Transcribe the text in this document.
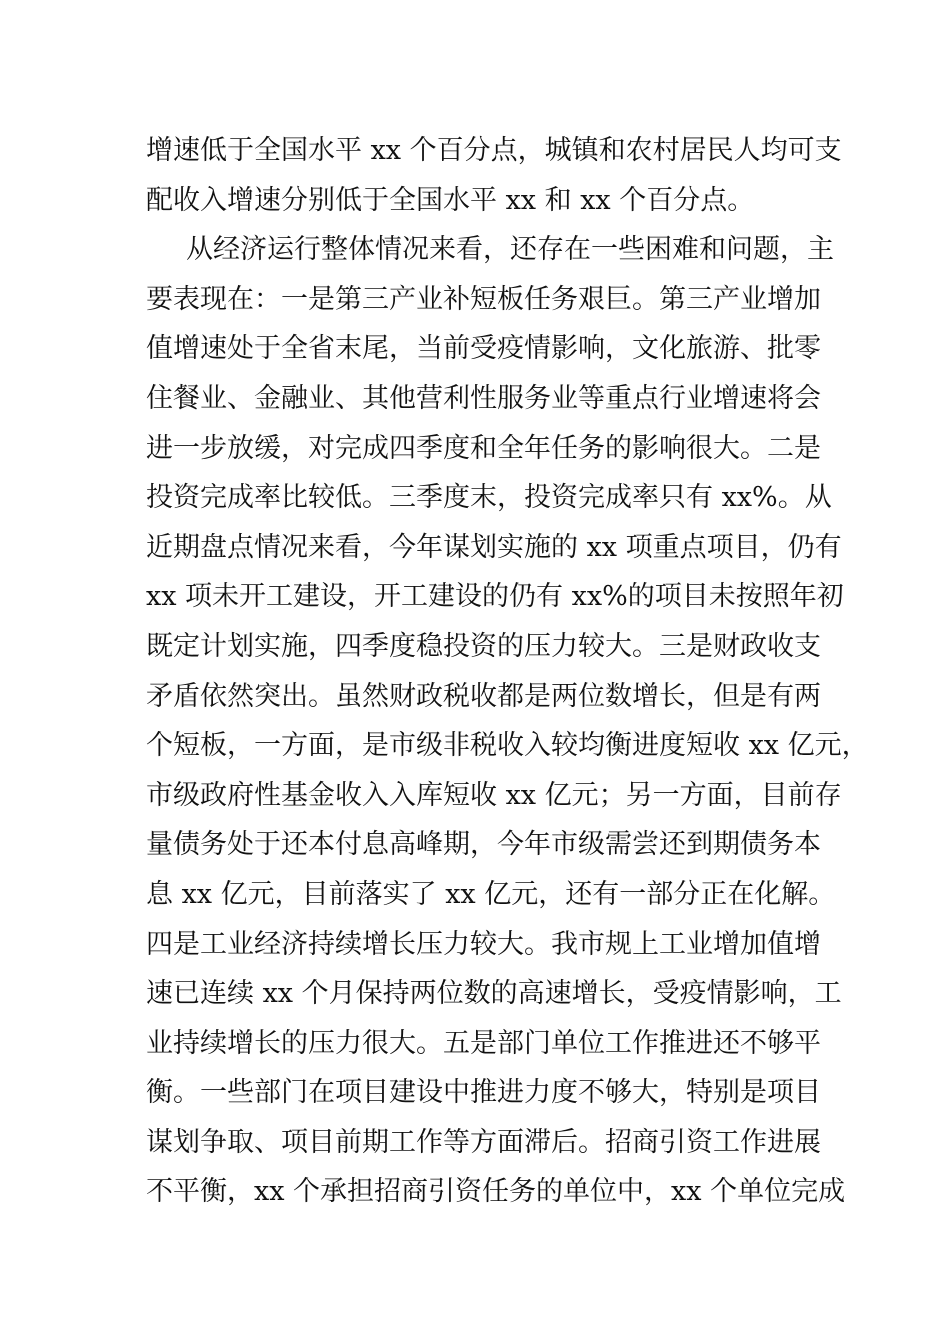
增速低于全国水平 xx 个百分点，城镇和农村居民人均可支
配收入增速分别低于全国水平 xx 和 xx 个百分点。
从经济运行整体情况来看，还存在一些困难和问题，主
要表现在：一是第三产业补短板任务艰巨。第三产业增加
值增速处于全省末尾，当前受疫情影响，文化旅游、批零
住餐业、金融业、其他营利性服务业等重点行业增速将会
进一步放缓，对完成四季度和全年任务的影响很大。二是
投资完成率比较低。三季度末，投资完成率只有 xx%。从
近期盘点情况来看，今年谋划实施的 xx 项重点项目，仍有
xx 项未开工建设，开工建设的仍有 xx%的项目未按照年初
既定计划实施，四季度稳投资的压力较大。三是财政收支
矛盾依然突出。虽然财政税收都是两位数增长，但是有两
个短板，一方面，是市级非税收入较均衡进度短收 xx 亿元，
市级政府性基金收入入库短收 xx 亿元；另一方面，目前存
量债务处于还本付息高峰期，今年市级需尝还到期债务本
息 xx 亿元，目前落实了 xx 亿元，还有一部分正在化解。
四是工业经济持续增长压力较大。我市规上工业增加值增
速已连续 xx 个月保持两位数的高速增长，受疫情影响，工
业持续增长的压力很大。五是部门单位工作推进还不够平
衡。一些部门在项目建设中推进力度不够大，特别是项目
谋划争取、项目前期工作等方面滞后。招商引资工作进展
不平衡，xx 个承担招商引资任务的单位中，xx 个单位完成
